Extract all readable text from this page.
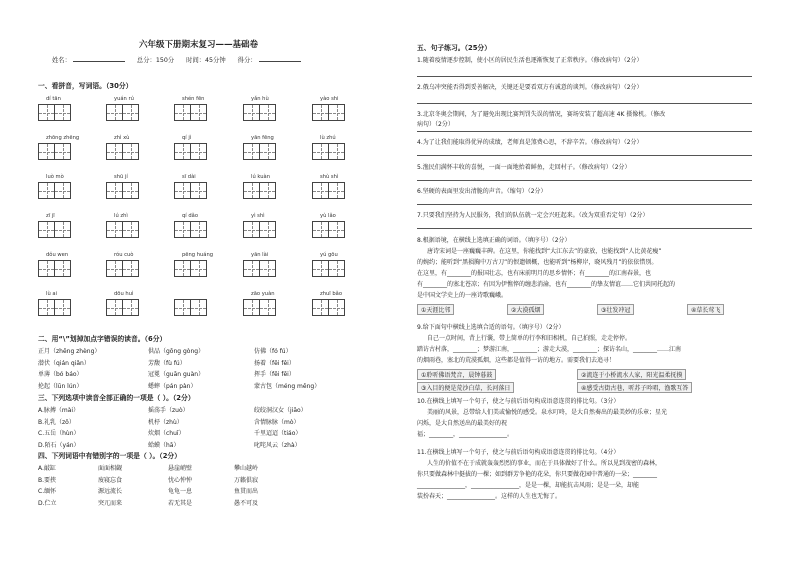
六年级下册期末复习——基础卷
姓名：	总分：150分 时间：45分钟 得分：
一、看拼音，写词语。（30分）
dí tān	yuán rú	shén fēn	yǎn hù	yào shi
zhōng zhēng	zhì xù	qí jì	yān fēng	lù zhú
luò mò	shū jí	sī dài	lú kuàn	shù shì
zī jī	lú zhì	qí dǎo	yì shì	yù lǎo
dǒu wen	róu cuò	pēng huáng	yān lài	yú gōu
lù ai	dōu huì	zāo yuàn	zhuī bǎo
二、用“\”划掉加点字错误的读音。（6分）
正月（zhēng zhèng）	供品（gōng gòng）	仿佛（fó fú）
潜伏（qián qiǎn）	芳馥（fù fú）	扬着（fēi fěi）
单薄（bó báo）	冠冕（guān guàn）	挥手（fēi fēi）
抡起（lūn lún）	蟋蟀（pán pàn）	蒙古包（méng měng）
三、下列选项中读音全部正确的一项是（ ）。（2分）
A.脉搏（mài）	摇荡手（zuò）	皎皎洞汉女（jiāo）
B.礼乳（zǒ）	机杼（zhù）	含情脉脉（mò）
C.五岳（hùn）	炊烟（chuī）	千里迢迢（tiáo）
D.陌石（yán）	蛤蟆（hā）	叱咤风云（zhà）
四、下列词语中有错别字的一项是（ ）。（2分）
A.敲缸	面面相觑	悬崖峭壁	攀山越岭
B.要挟	废寝忘食	忧心忡忡	万籁俱寂
C.缅怀	源远流长	龟龟一息	鱼贯而出
D.伫立	突兀而来	若无其是	愚不可及
五、句子练习。（25分）
1.随着疫情逐步控制，使小区的居民生活也逐渐恢复了正常秩序。（修改病句）（2分）
2.俄乌冲突能否得到妥善解决，关键还是要看双方有诚意的谈判。（修改病句）（2分）
3.北京冬奥会期间，为了避免出现比赛判罚失误的情况，赛场安装了超高速 4K 摄像机。（修改
病句）（2分）
4.为了让我们能取得优异的成绩，老师真是煞费心思，不辞辛苦。（修改病句）（2分）
5.渔民们满怀丰收的喜悦，一面一面地抬着鲜鱼，走回村子。（修改病句）（2分）
6.坚硬的表面里发出清脆的声音。（缩句）（2分）
7.只要我们坚持为人民服务，我们的队伍就一定会兴旺起来。（改为双重否定句）（2分）
8.根据语境，在横线上选填正确的词语。（填序号）（2分）
唐诗宋词是一座巍巍丰碑。在这里，你能找到“大江东去”的豪放，也能找到“人比黄花瘦”
的婉约；能听到“黑损胸中万古刀”的恨遗顿概，也能听到“杨柳岸，晓风残月”的依依惜别。
在这里，有________的报国壮志，也有床前明月的思乡情怀；有________的江南春景，也
有________的塞北苍凉；有因为伊憔悴的缠悲消渝，也有________的挚友情谊……它们共同托起的
是中国文学史上的一座诗歌巍峨。
①天涯比邻	②大漠孤烟	③壮发冲冠	④草长莺飞
9.给下面句中横线上选填合适的语句。（填序号）（2分）
自己一点时间，背上行囊，带上简单的行李和旧相机，自己拍照，走走停停。
踏访古村落，________；梦游江南，________；游走大漠，________；探访名山，________……江南
的烟雨巷，塞北的荒漠孤烟，这些都是值得一访的地方。需要我们去追寻！
①聆听佛语梵音，晨钟暮鼓	②流连于小桥流水人家，阳光温柔抚摸
③入目的便是荒沙白草，长河落日	④感受古街古巷，听苏子吟唱，渔歌互答
10.在横线上填写一个句子，使之与前后语句构成语意连贯的排比句。（3分）
美丽的风景，总带给人们美或愉悦的感受。泉水叮咚，是大自然奏出的最美妙的乐章；星光
闪烁，是大自然送出的最美好的祝
福；________，________________。
11.在横线上填写一个句子，使之与前后语句构成语意连贯的排比句。（4分）
人生的价值不在于成就轰轰烈烈的事业，而在于具体做好了什么。所以见到茂密的森林，
你只要做森林中挺拔的一棵；如到群芳争艳的花朵，你只要做花园中普通的一朵；________
________________，________________，是是一棵，却能抗击风雨；是是一朵，却能
装扮春天；________________。这样的人生也无悔了。
